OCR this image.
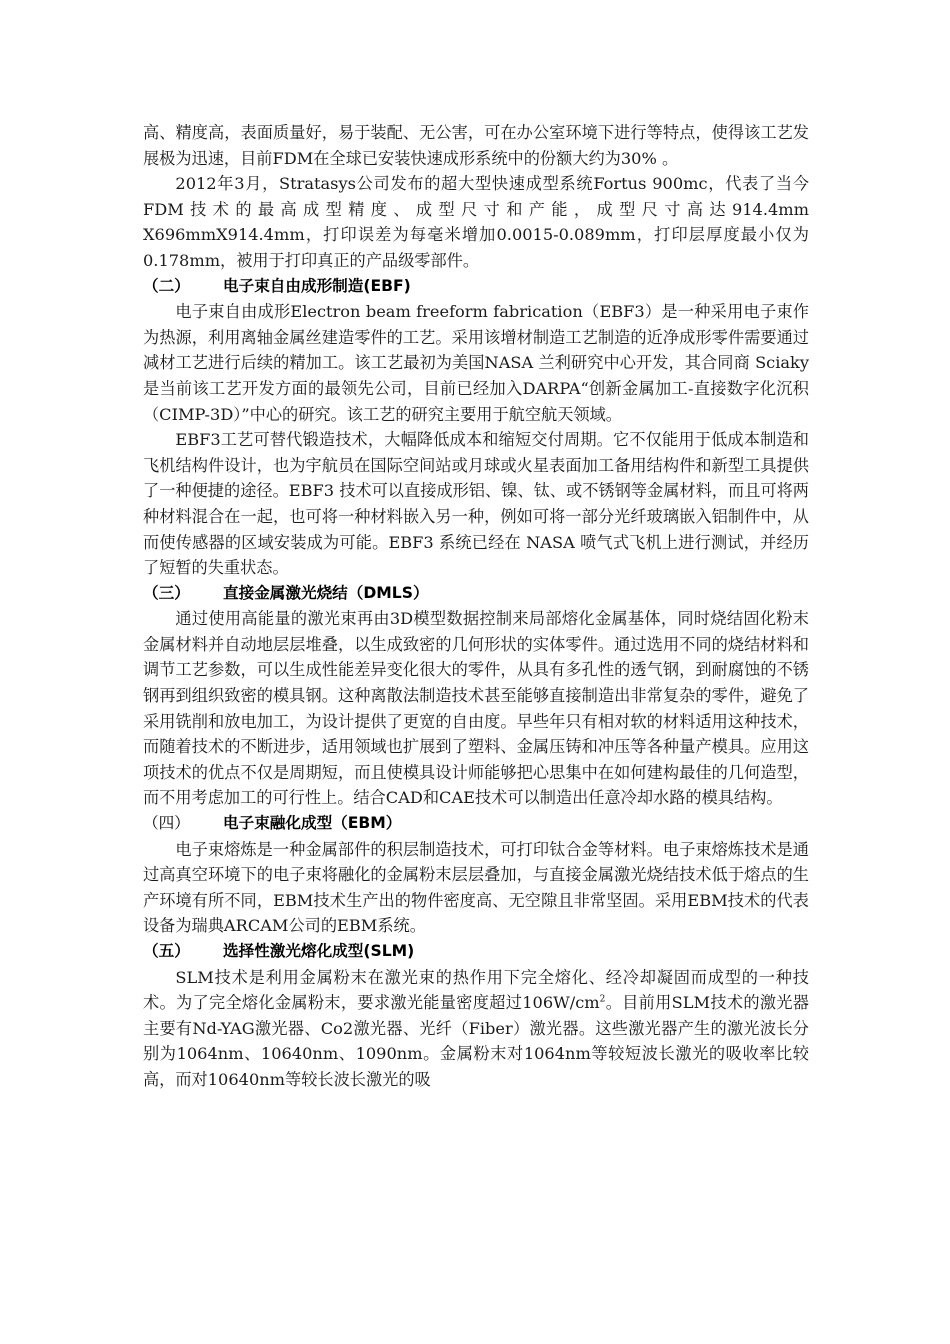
高、精度高，表面质量好，易于装配、无公害，可在办公室环境下进行等特点，使得该工艺发展极为迅速，目前FDM在全球已安装快速成形系统中的份额大约为30% 。

2012年3月，Stratasys公司发布的超大型快速成型系统Fortus 900mc，代表了当今FDM技术的最高成型精度、成型尺寸和产能，成型尺寸高达914.4mm X696mmX914.4mm，打印误差为每毫米增加0.0015-0.089mm，打印层厚度最小仅为0.178mm，被用于打印真正的产品级零部件。

（二） 电子束自由成形制造(EBF)

电子束自由成形Electron beam freeform fabrication（EBF3）是一种采用电子束作为热源，利用离轴金属丝建造零件的工艺。采用该增材制造工艺制造的近净成形零件需要通过减材工艺进行后续的精加工。该工艺最初为美国NASA 兰利研究中心开发，其合同商 Sciaky 是当前该工艺开发方面的最领先公司，目前已经加入DARPA“创新金属加工-直接数字化沉积（CIMP-3D）”中心的研究。该工艺的研究主要用于航空航天领域。

EBF3工艺可替代锻造技术，大幅降低成本和缩短交付周期。它不仅能用于低成本制造和飞机结构件设计，也为宇航员在国际空间站或月球或火星表面加工备用结构件和新型工具提供了一种便捷的途径。EBF3 技术可以直接成形铝、镍、钛、或不锈钢等金属材料，而且可将两种材料混合在一起，也可将一种材料嵌入另一种，例如可将一部分光纤玻璃嵌入铝制件中，从而使传感器的区域安装成为可能。EBF3 系统已经在 NASA 喷气式飞机上进行测试，并经历了短暂的失重状态。

（三） 直接金属激光烧结（DMLS）

通过使用高能量的激光束再由3D模型数据控制来局部熔化金属基体，同时烧结固化粉末金属材料并自动地层层堆叠，以生成致密的几何形状的实体零件。通过选用不同的烧结材料和调节工艺参数，可以生成性能差异变化很大的零件，从具有多孔性的透气钢，到耐腐蚀的不锈钢再到组织致密的模具钢。这种离散法制造技术甚至能够直接制造出非常复杂的零件，避免了采用铣削和放电加工，为设计提供了更宽的自由度。早些年只有相对软的材料适用这种技术，而随着技术的不断进步，适用领域也扩展到了塑料、金属压铸和冲压等各种量产模具。应用这项技术的优点不仅是周期短，而且使模具设计师能够把心思集中在如何建构最佳的几何造型，而不用考虑加工的可行性上。结合CAD和CAE技术可以制造出任意冷却水路的模具结构。

（四） 电子束融化成型（EBM）

电子束熔炼是一种金属部件的积层制造技术，可打印钛合金等材料。电子束熔炼技术是通过高真空环境下的电子束将融化的金属粉末层层叠加，与直接金属激光烧结技术低于熔点的生产环境有所不同，EBM技术生产出的物件密度高、无空隙且非常坚固。采用EBM技术的代表设备为瑞典ARCAM公司的EBM系统。

（五） 选择性激光熔化成型(SLM)

SLM技术是利用金属粉末在激光束的热作用下完全熔化、经冷却凝固而成型的一种技术。为了完全熔化金属粉末，要求激光能量密度超过$106W/cm^2$。目前用SLM技术的激光器主要有Nd-YAG激光器、Co2激光器、光纤（Fiber）激光器。这些激光器产生的激光波长分别为1064nm、10640nm、1090nm。金属粉末对1064nm等较短波长激光的吸收率比较高，而对10640nm等较长波长激光的吸
